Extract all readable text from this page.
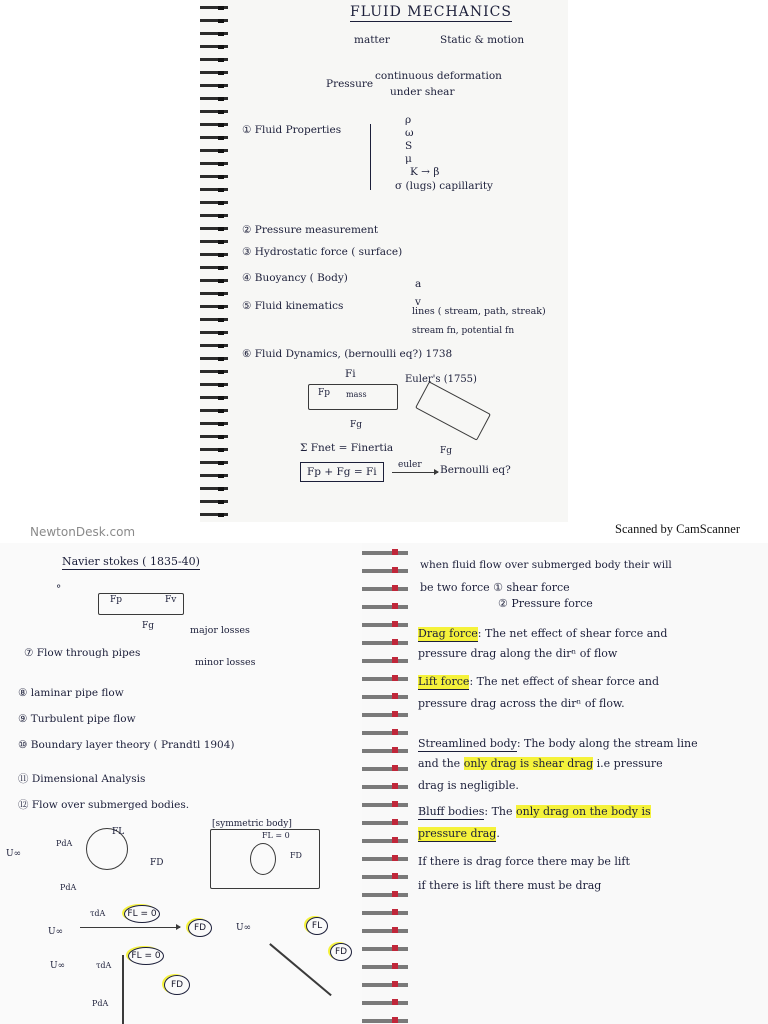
FLUID MECHANICS
matter	Static & motion
Pressure
continuous deformation
under shear
① Fluid Properties
ρ
ω
S
μ
K → β
σ (lugs) capillarity
② Pressure measurement
③ Hydrostatic force ( surface)
④ Buoyancy ( Body)
⑤ Fluid kinematics
a
v
lines ( stream, path, streak)
stream fn, potential fn
⑥ Fluid Dynamics, (bernoulli eq?) 1738
Fi
Fp mass
Fg
Euler's (1755)
Fg
Σ Fnet = Finertia
Fp + Fg = Fi
euler Bernoulli eq?
NewtonDesk.com	Scanned by CamScanner
Navier stokes ( 1835-40)
°
Fp	Fv
Fg
⑦ Flow through pipes
major losses
minor losses
⑧ laminar pipe flow
⑨ Turbulent pipe flow
⑩ Boundary layer theory ( Prandtl 1904)
⑪ Dimensional Analysis
⑫ Flow over submerged bodies.
FL
FD
U∞
PdA
PdA
[symmetric body]
FL = 0
FD
τdA	FL = 0
U∞	FD	U∞	FL
FD
U∞	τdA
FL = 0
FD
PdA
when fluid flow over submerged body their will
be two force ① shear force
② Pressure force
Drag force: The net effect of shear force and
pressure drag along the dirⁿ of flow
Lift force: The net effect of shear force and
pressure drag across the dirⁿ of flow.
Streamlined body: The body along the stream line
and the only drag is shear drag i.e pressure
drag is negligible.
Bluff bodies: The only drag on the body is
pressure drag.
If there is drag force there may be lift
if there is lift there must be drag
